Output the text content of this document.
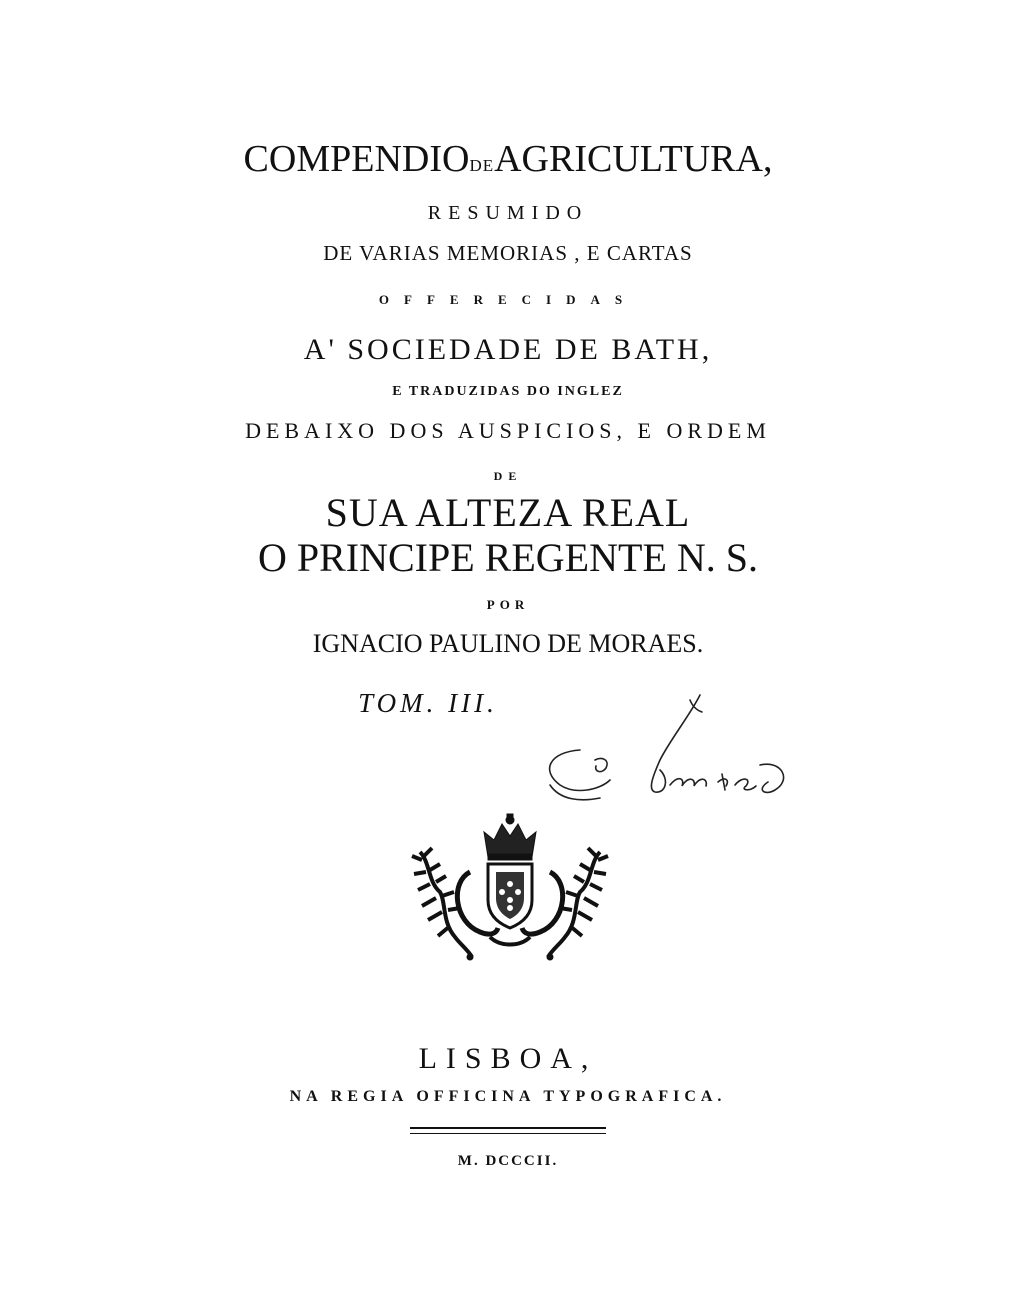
COMPENDIODEAGRICULTURA,
RESUMIDO
DE VARIAS MEMORIAS , E CARTAS
OFFERECIDAS
A' SOCIEDADE DE BATH,
E TRADUZIDAS DO INGLEZ
DEBAIXO DOS AUSPICIOS, E ORDEM
DE
SUA ALTEZA REAL
O PRINCIPE REGENTE N. S.
POR
IGNACIO PAULINO DE MORAES.
TOM. III.
LISBOA,
NA REGIA OFFICINA TYPOGRAFICA.
M. DCCCII.
